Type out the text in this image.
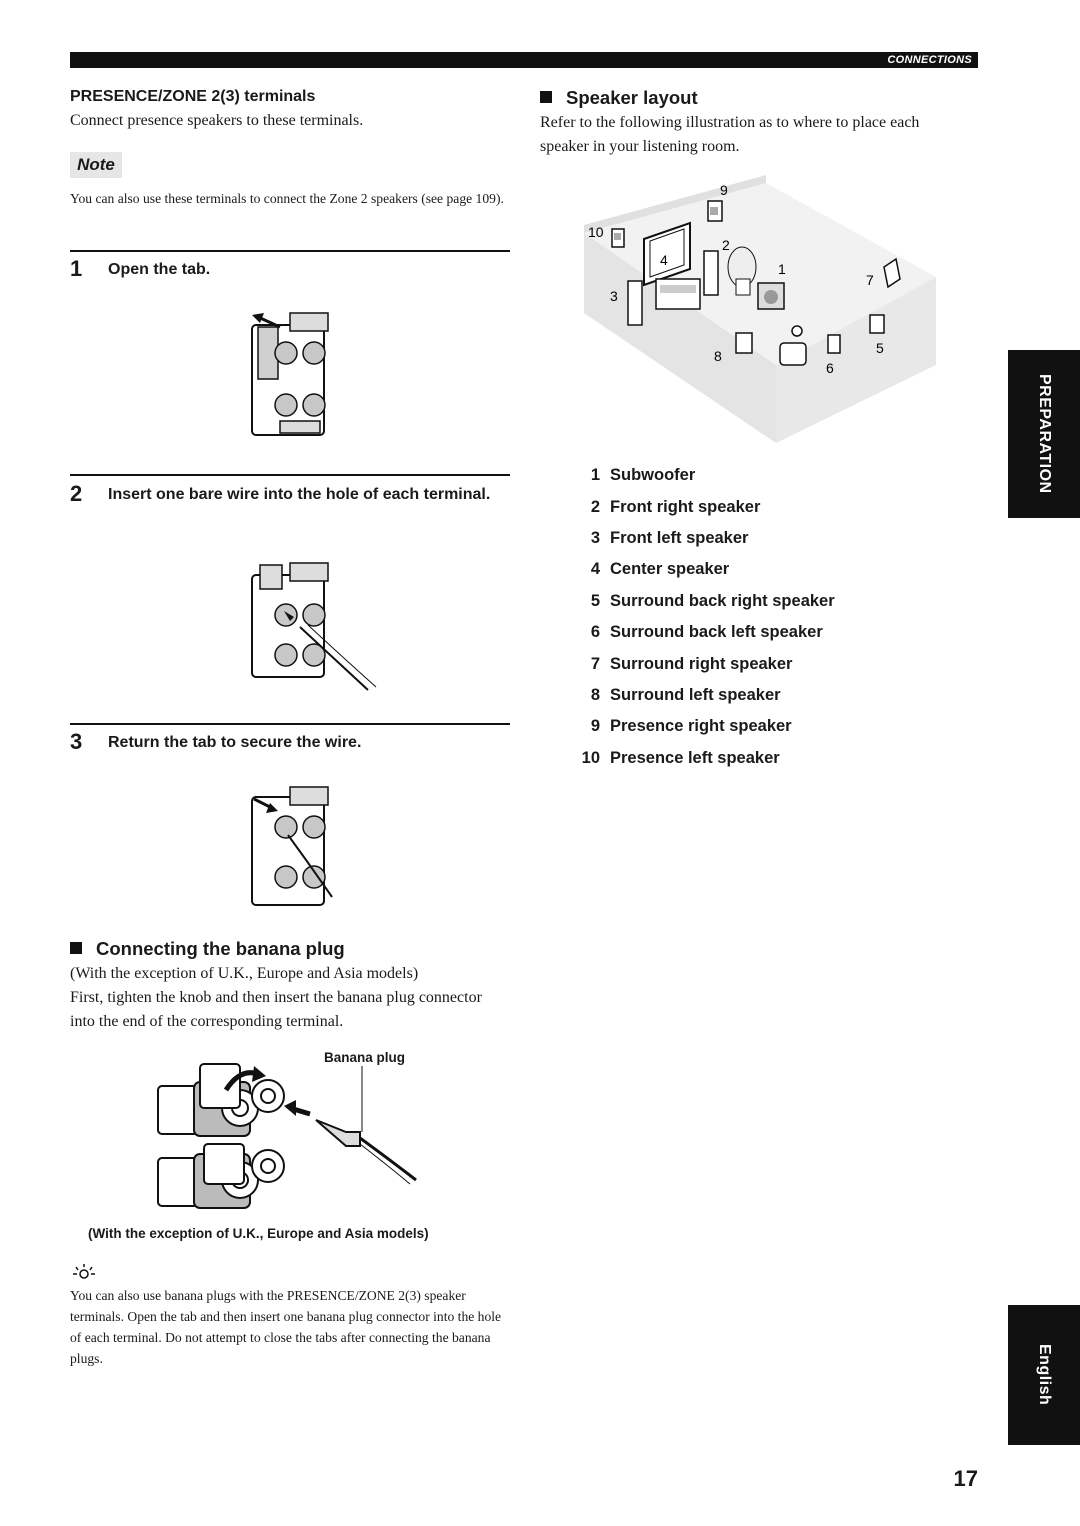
CONNECTIONS
PRESENCE/ZONE 2(3) terminals
Connect presence speakers to these terminals.
Note
You can also use these terminals to connect the Zone 2 speakers (see page 109).
1 Open the tab.
2 Insert one bare wire into the hole of each terminal.
3 Return the tab to secure the wire.
Connecting the banana plug
(With the exception of U.K., Europe and Asia models)
First, tighten the knob and then insert the banana plug connector into the end of the corresponding terminal.
Banana plug
(With the exception of U.K., Europe and Asia models)
You can also use banana plugs with the PRESENCE/ZONE 2(3) speaker terminals. Open the tab and then insert one banana plug connector into the hole of each terminal. Do not attempt to close the tabs after connecting the banana plugs.
Speaker layout
Refer to the following illustration as to where to place each speaker in your listening room.
9
10
2
4
1
7
3
5
8
6
1 Subwoofer
2 Front right speaker
3 Front left speaker
4 Center speaker
5 Surround back right speaker
6 Surround back left speaker
7 Surround right speaker
8 Surround left speaker
9 Presence right speaker
10 Presence left speaker
PREPARATION
English
17
